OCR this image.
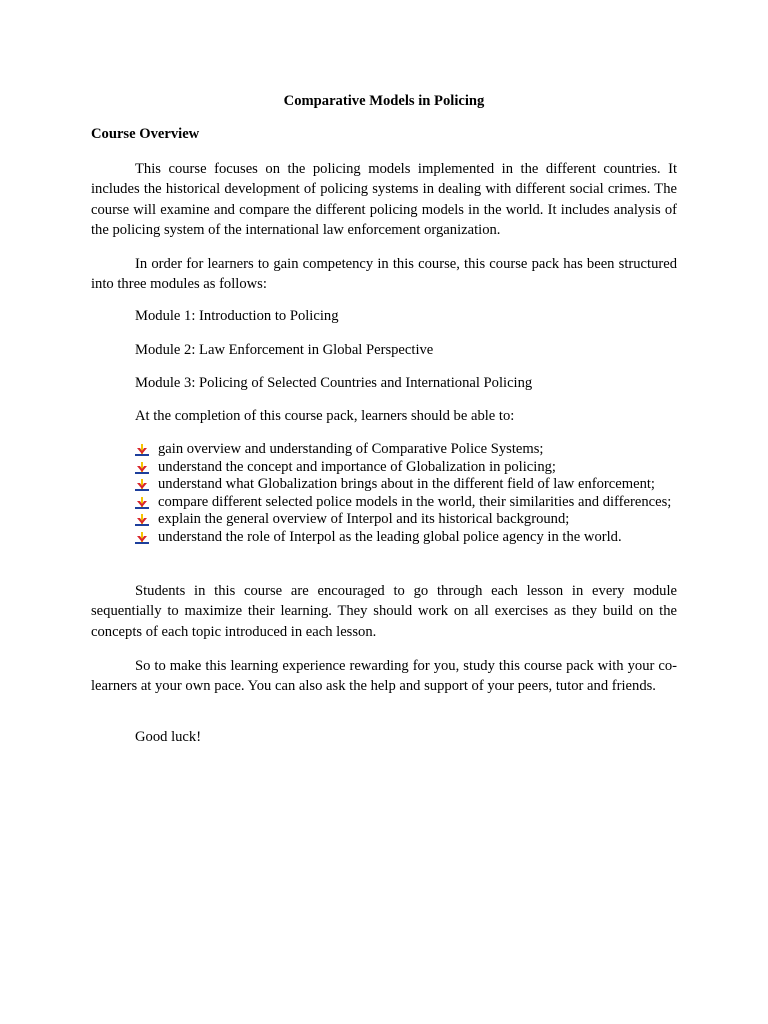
Comparative Models in Policing
Course Overview

This course focuses on the policing models implemented in the different countries. It includes the historical development of policing systems in dealing with different social crimes. The course will examine and compare the different policing models in the world. It includes analysis of the policing system of the international law enforcement organization.

In order for learners to gain competency in this course, this course pack has been structured into three modules as follows:

Module 1: Introduction to Policing
Module 2: Law Enforcement in Global Perspective
Module 3: Policing of Selected Countries and International Policing
At the completion of this course pack, learners should be able to:
gain overview and understanding of Comparative Police Systems;
understand the concept and importance of Globalization in policing;
understand what Globalization brings about in the different field of law enforcement;
compare different selected police models in the world, their similarities and differences;
explain the general overview of Interpol and its historical background;
understand the role of Interpol as the leading global police agency in the world.

Students in this course are encouraged to go through each lesson in every module sequentially to maximize their learning. They should work on all exercises as they build on the concepts of each topic introduced in each lesson.

So to make this learning experience rewarding for you, study this course pack with your co-learners at your own pace. You can also ask the help and support of your peers, tutor and friends.

Good luck!
